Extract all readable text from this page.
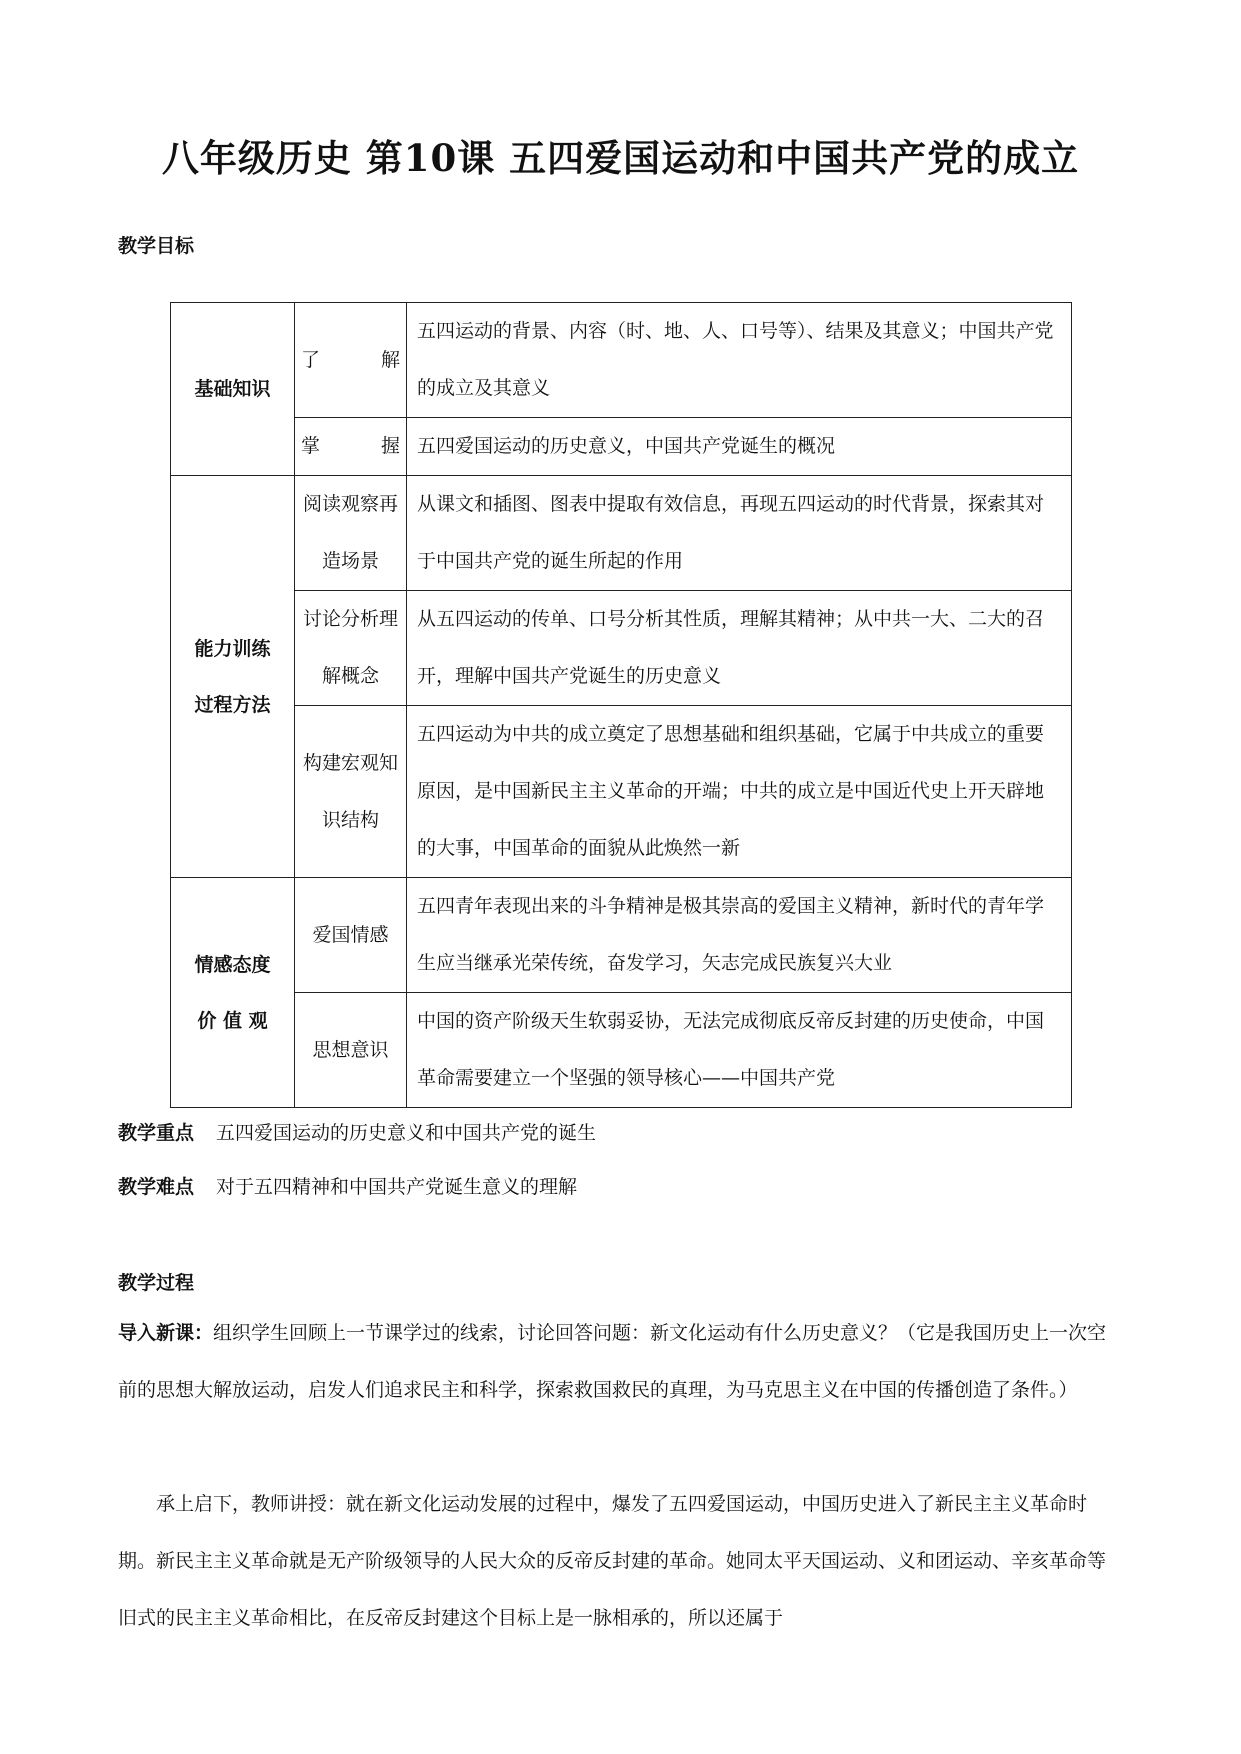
八年级历史 第10课 五四爱国运动和中国共产党的成立
教学目标
基础知识	了　　解	五四运动的背景、内容（时、地、人、口号等）、结果及其意义；中国共产党的成立及其意义
	掌　　握	五四爱国运动的历史意义，中国共产党诞生的概况

能力训练
过程方法	阅读观察再造场景	从课文和插图、图表中提取有效信息，再现五四运动的时代背景，探索其对于中国共产党的诞生所起的作用
	讨论分析理解概念	从五四运动的传单、口号分析其性质，理解其精神；从中共一大、二大的召开，理解中国共产党诞生的历史意义
	构建宏观知识结构	五四运动为中共的成立奠定了思想基础和组织基础，它属于中共成立的重要原因，是中国新民主主义革命的开端；中共的成立是中国近代史上开天辟地的大事，中国革命的面貌从此焕然一新

情感态度
价 值 观	爱国情感	五四青年表现出来的斗争精神是极其崇高的爱国主义精神，新时代的青年学生应当继承光荣传统，奋发学习，矢志完成民族复兴大业
	思想意识	中国的资产阶级天生软弱妥协，无法完成彻底反帝反封建的历史使命，中国革命需要建立一个坚强的领导核心——中国共产党
教学重点 五四爱国运动的历史意义和中国共产党的诞生
教学难点 对于五四精神和中国共产党诞生意义的理解
教学过程
导入新课：组织学生回顾上一节课学过的线索，讨论回答问题：新文化运动有什么历史意义？（它是我国历史上一次空前的思想大解放运动，启发人们追求民主和科学，探索救国救民的真理，为马克思主义在中国的传播创造了条件。）
承上启下，教师讲授：就在新文化运动发展的过程中，爆发了五四爱国运动，中国历史进入了新民主主义革命时期。新民主主义革命就是无产阶级领导的人民大众的反帝反封建的革命。她同太平天国运动、义和团运动、辛亥革命等旧式的民主主义革命相比，在反帝反封建这个目标上是一脉相承的，所以还属于
